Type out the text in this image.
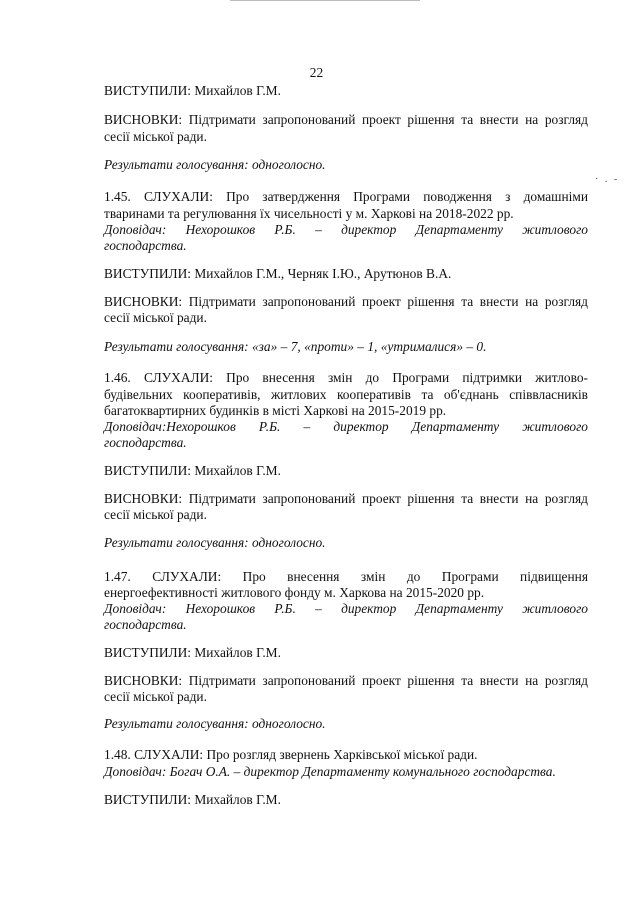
22
· . -
ВИСТУПИЛИ: Михайлов Г.М.
ВИСНОВКИ: Підтримати запропонований проект рішення та внести на розгляд
сесії міської ради.
Результати голосування: одноголосно.
1.45. СЛУХАЛИ: Про затвердження Програми поводження з домашніми
тваринами та регулювання їх чисельності у м. Харкові на 2018-2022 рр.
Доповідач: Нехорошков Р.Б. – директор Департаменту житлового
господарства.
ВИСТУПИЛИ: Михайлов Г.М., Черняк І.Ю., Арутюнов В.А.
ВИСНОВКИ: Підтримати запропонований проект рішення та внести на розгляд
сесії міської ради.
Результати голосування: «за» – 7, «проти» – 1, «утрималися» – 0.
1.46. СЛУХАЛИ: Про внесення змін до Програми підтримки житлово-
будівельних кооперативів, житлових кооперативів та об'єднань співвласників
багатоквартирних будинків в місті Харкові на 2015-2019 рр.
Доповідач:Нехорошков Р.Б. – директор Департаменту житлового
господарства.
ВИСТУПИЛИ: Михайлов Г.М.
ВИСНОВКИ: Підтримати запропонований проект рішення та внести на розгляд
сесії міської ради.
Результати голосування: одноголосно.
1.47. СЛУХАЛИ: Про внесення змін до Програми підвищення
енергоефективності житлового фонду м. Харкова на 2015-2020 рр.
Доповідач: Нехорошков Р.Б. – директор Департаменту житлового
господарства.
ВИСТУПИЛИ: Михайлов Г.М.
ВИСНОВКИ: Підтримати запропонований проект рішення та внести на розгляд
сесії міської ради.
Результати голосування: одноголосно.
1.48. СЛУХАЛИ: Про розгляд звернень Харківської міської ради.
Доповідач: Богач О.А. – директор Департаменту комунального господарства.
ВИСТУПИЛИ: Михайлов Г.М.
